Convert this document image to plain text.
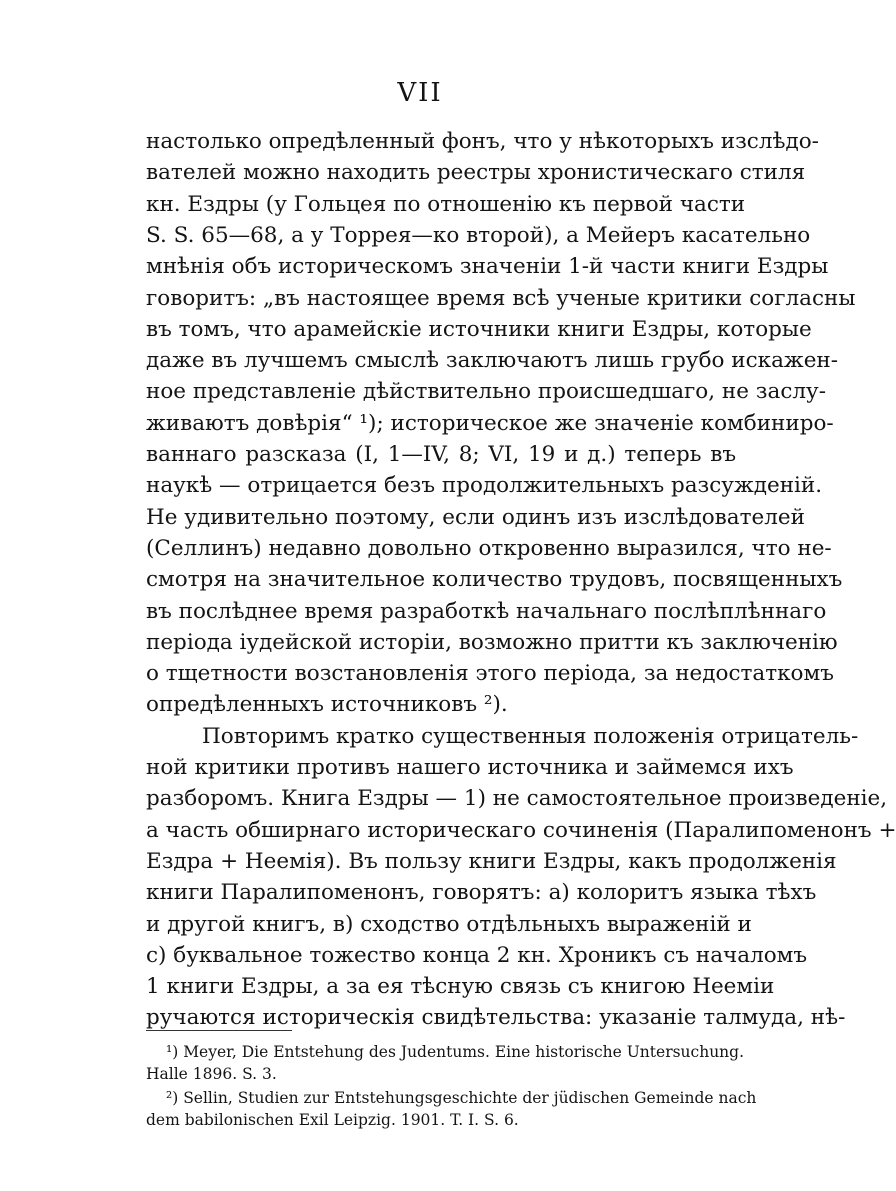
VII
настолько опредѣленный фонъ, что у нѣкоторыхъ изслѣдо-
вателей можно находить реестры хронистическаго стиля
кн. Ездры (у Гольцея по отношенію къ первой части
S. S. 65—68, а у Торрея—ко второй), а Мейеръ касательно
мнѣнія объ историческомъ значеніи 1-й части книги Ездры
говоритъ: „въ настоящее время всѣ ученые критики согласны
въ томъ, что арамейскіе источники книги Ездры, которые
даже въ лучшемъ смыслѣ заключаютъ лишь грубо искажен-
ное представленіе дѣйствительно происшедшаго, не заслу-
живаютъ довѣрія“ ¹); историческое же значеніе комбиниро-
ваннаго разсказа (I, 1—IV, 8; VI, 19 и д.) теперь въ
наукѣ — отрицается безъ продолжительныхъ разсужденій.
Не удивительно поэтому, если одинъ изъ изслѣдователей
(Селлинъ) недавно довольно откровенно выразился, что не-
смотря на значительное количество трудовъ, посвященныхъ
въ послѣднее время разработкѣ начальнаго послѣплѣннаго
періода іудейской исторіи, возможно притти къ заключенію
о тщетности возстановленія этого періода, за недостаткомъ
опредѣленныхъ источниковъ ²).
Повторимъ кратко существенныя положенія отрицатель-
ной критики противъ нашего источника и займемся ихъ
разборомъ. Книга Ездры — 1) не самостоятельное произведеніе,
а часть обширнаго историческаго сочиненія (Паралипоменонъ +
Ездра + Неемія). Въ пользу книги Ездры, какъ продолженія
книги Паралипоменонъ, говорятъ: а) колоритъ языка тѣхъ
и другой книгъ, в) сходство отдѣльныхъ выраженій и
с) буквальное тожество конца 2 кн. Хроникъ съ началомъ
1 книги Ездры, а за ея тѣсную связь съ книгою Нееміи
ручаются историческія свидѣтельства: указаніе талмуда, нѣ-
¹) Meyer, Die Entstehung des Judentums. Eine historische Untersuchung.
Halle 1896. S. 3.
²) Sellin, Studien zur Entstehungsgeschichte der jüdischen Gemeinde nach
dem babilonischen Exil Leipzig. 1901. T. I. S. 6.
